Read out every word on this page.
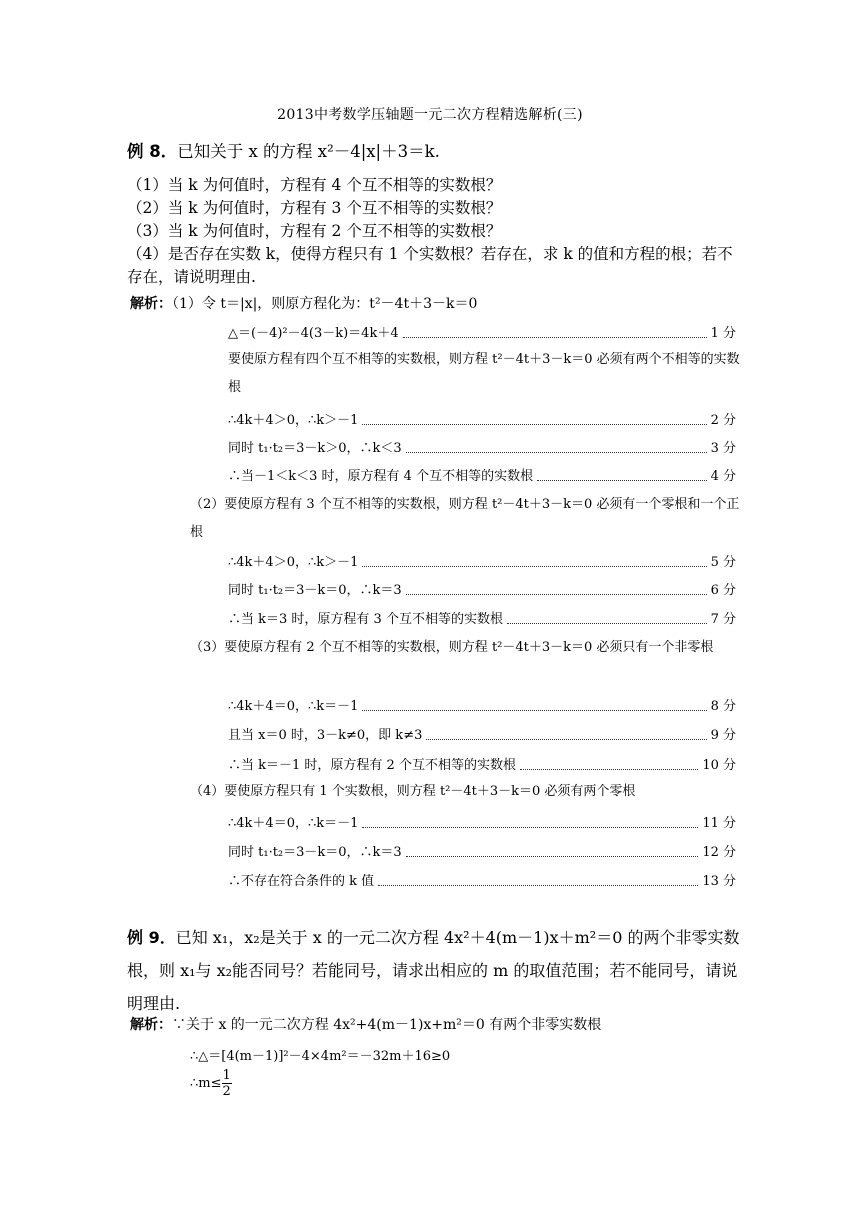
2013中考数学压轴题一元二次方程精选解析(三)
例 8．已知关于 x 的方程 x²－4|x|＋3＝k.
（1）当 k 为何值时，方程有 4 个互不相等的实数根？
（2）当 k 为何值时，方程有 3 个互不相等的实数根？
（3）当 k 为何值时，方程有 2 个互不相等的实数根？
（4）是否存在实数 k，使得方程只有 1 个实数根？若存在，求 k 的值和方程的根；若不存在，请说明理由.
解析：（1）令 t＝|x|，则原方程化为：t²－4t＋3－k＝0
△＝(－4)²－4(3－k)＝4k＋4	1 分
要使原方程有四个互不相等的实数根，则方程 t²－4t＋3－k＝0 必须有两个不相等的实数根
∴4k＋4＞0，∴k＞－1	2 分
同时 t₁·t₂＝3－k＞0，∴k＜3	3 分
∴当－1＜k＜3 时，原方程有 4 个互不相等的实数根	4 分
（2）要使原方程有 3 个互不相等的实数根，则方程 t²－4t＋3－k＝0 必须有一个零根和一个正根
∴4k＋4＞0，∴k＞－1	5 分
同时 t₁·t₂＝3－k＝0，∴k＝3	6 分
∴当 k＝3 时，原方程有 3 个互不相等的实数根	7 分
（3）要使原方程有 2 个互不相等的实数根，则方程 t²－4t＋3－k＝0 必须只有一个非零根
∴4k＋4＝0，∴k＝－1	8 分
且当 x＝0 时，3－k≠0，即 k≠3	9 分
∴当 k＝－1 时，原方程有 2 个互不相等的实数根	10 分
（4）要使原方程只有 1 个实数根，则方程 t²－4t＋3－k＝0 必须有两个零根
∴4k＋4＝0，∴k＝－1	11 分
同时 t₁·t₂＝3－k＝0，∴k＝3	12 分
∴不存在符合条件的 k 值	13 分
例 9．已知 x₁，x₂是关于 x 的一元二次方程 4x²＋4(m－1)x＋m²＝0 的两个非零实数根，则 x₁与 x₂能否同号？若能同号，请求出相应的 m 的取值范围；若不能同号，请说明理由.
解析：∵关于 x 的一元二次方程 4x²+4(m－1)x+m²＝0 有两个非零实数根
∴△＝[4(m－1)]²－4×4m²＝－32m＋16≥0
∴m≤ $\frac{1}{2}$
